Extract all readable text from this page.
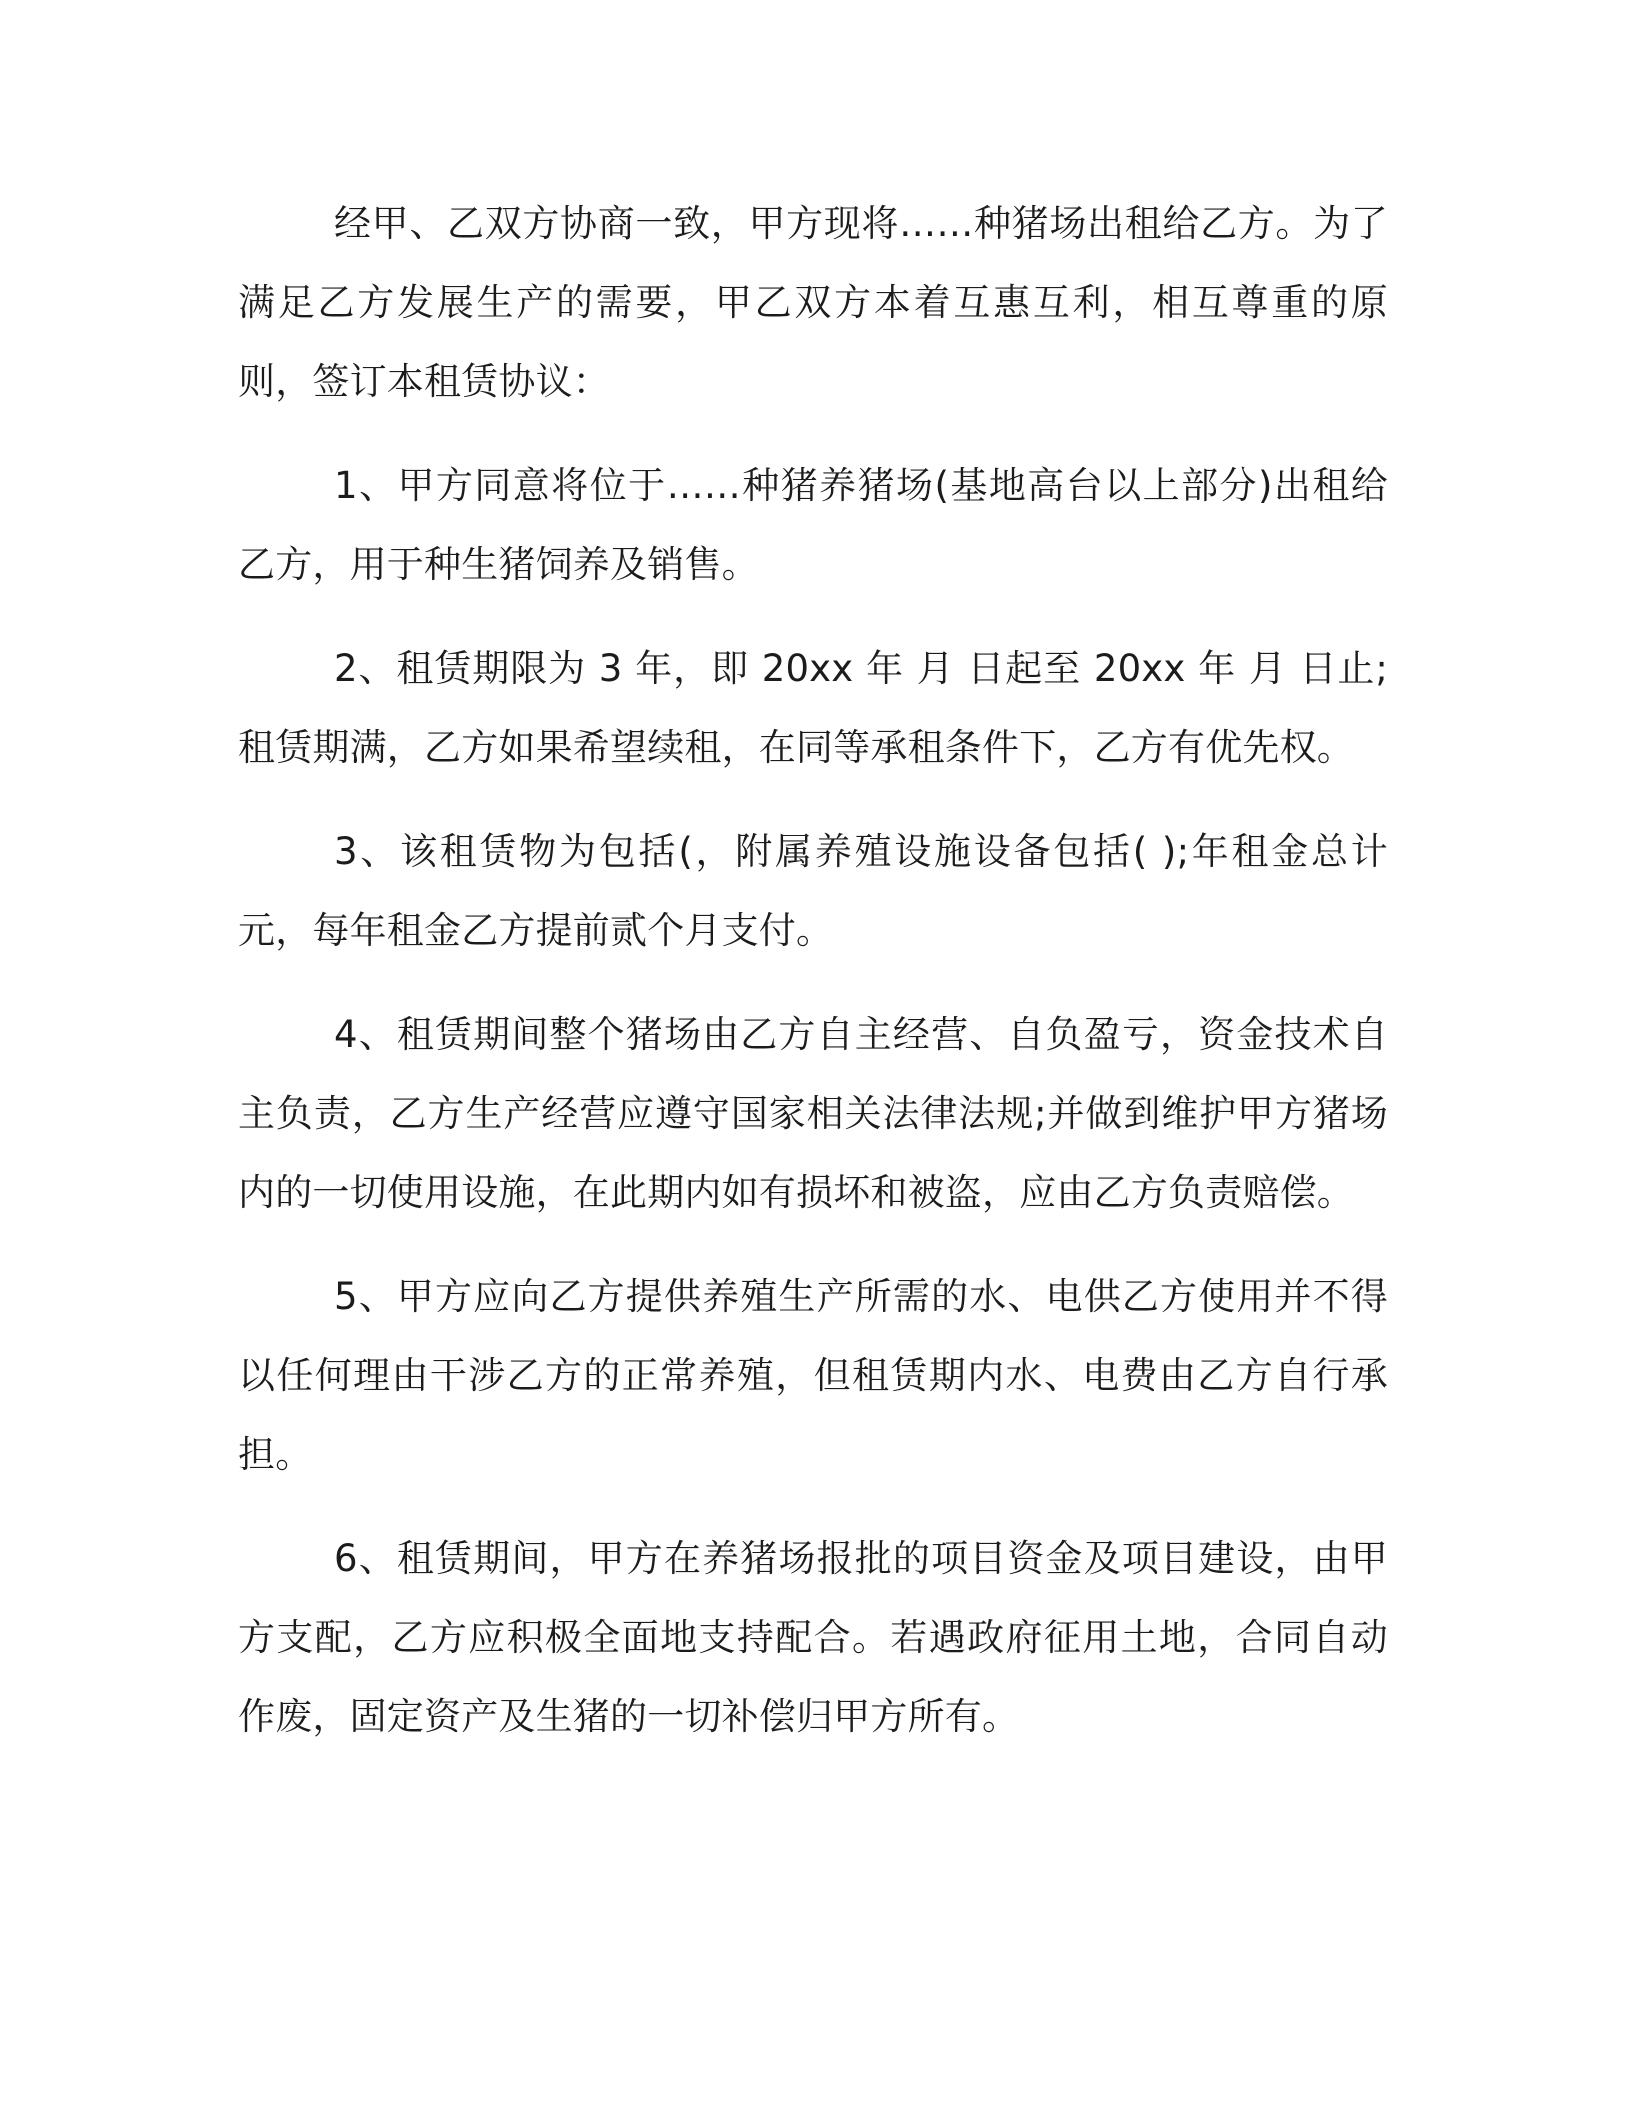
经甲、乙双方协商一致，甲方现将……种猪场出租给乙方。为了满足乙方发展生产的需要，甲乙双方本着互惠互利，相互尊重的原则，签订本租赁协议：

1、甲方同意将位于……种猪养猪场(基地高台以上部分)出租给乙方，用于种生猪饲养及销售。

2、租赁期限为 3 年，即 20xx 年 月 日起至 20xx 年 月 日止;租赁期满，乙方如果希望续租，在同等承租条件下，乙方有优先权。

3、该租赁物为包括(，附属养殖设施设备包括( );年租金总计元，每年租金乙方提前贰个月支付。

4、租赁期间整个猪场由乙方自主经营、自负盈亏，资金技术自主负责，乙方生产经营应遵守国家相关法律法规;并做到维护甲方猪场内的一切使用设施，在此期内如有损坏和被盗，应由乙方负责赔偿。

5、甲方应向乙方提供养殖生产所需的水、电供乙方使用并不得以任何理由干涉乙方的正常养殖，但租赁期内水、电费由乙方自行承担。

6、租赁期间，甲方在养猪场报批的项目资金及项目建设，由甲方支配，乙方应积极全面地支持配合。若遇政府征用土地，合同自动作废，固定资产及生猪的一切补偿归甲方所有。
